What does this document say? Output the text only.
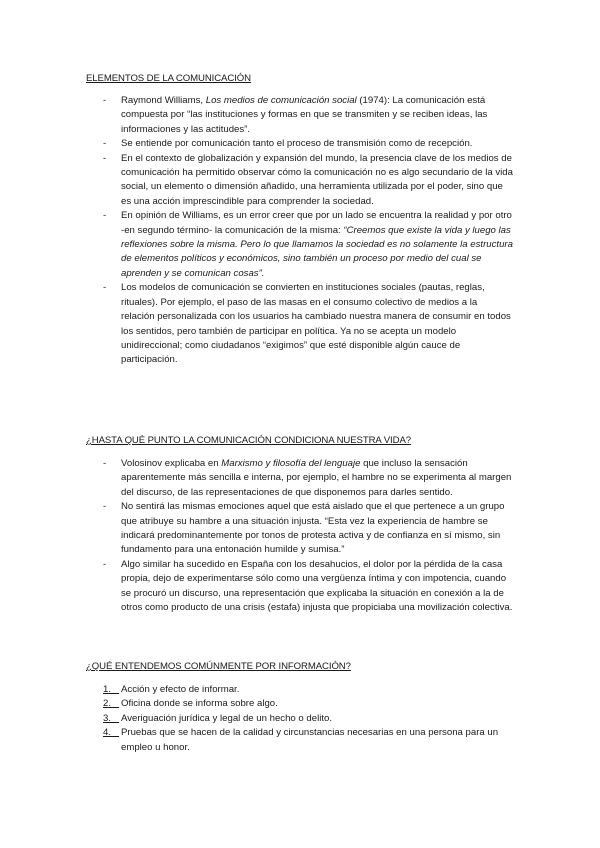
ELEMENTOS DE LA COMUNICACIÓN
- Raymond Williams, Los medios de comunicación social (1974): La comunicación está compuesta por “las instituciones y formas en que se transmiten y se reciben ideas, las informaciones y las actitudes”.
- Se entiende por comunicación tanto el proceso de transmisión como de recepción.
- En el contexto de globalización y expansión del mundo, la presencia clave de los medios de comunicación ha permitido observar cómo la comunicación no es algo secundario de la vida social, un elemento o dimensión añadido, una herramienta utilizada por el poder, sino que es una acción imprescindible para comprender la sociedad.
- En opinión de Williams, es un error creer que por un lado se encuentra la realidad y por otro -en segundo término- la comunicación de la misma: “Creemos que existe la vida y luego las reflexiones sobre la misma. Pero lo que llamamos la sociedad es no solamente la estructura de elementos políticos y económicos, sino también un proceso por medio del cual se aprenden y se comunican cosas”.
- Los modelos de comunicación se convierten en instituciones sociales (pautas, reglas, rituales). Por ejemplo, el paso de las masas en el consumo colectivo de medios a la relación personalizada con los usuarios ha cambiado nuestra manera de consumir en todos los sentidos, pero también de participar en política. Ya no se acepta un modelo unidireccional; como ciudadanos “exigimos” que esté disponible algún cauce de participación.
¿HASTA QUÉ PUNTO LA COMUNICACIÓN CONDICIONA NUESTRA VIDA?
- Volosinov explicaba en Marxismo y filosofía del lenguaje que incluso la sensación aparentemente más sencilla e interna, por ejemplo, el hambre no se experimenta al margen del discurso, de las representaciones de que disponemos para darles sentido.
- No sentirá las mismas emociones aquel que está aislado que el que pertenece a un grupo que atribuye su hambre a una situación injusta. “Esta vez la experiencia de hambre se indicará predominantemente por tonos de protesta activa y de confianza en sí mismo, sin fundamento para una entonación humilde y sumisa.”
- Algo similar ha sucedido en España con los desahucios, el dolor por la pérdida de la casa propia, dejo de experimentarse sólo como una vergüenza íntima y con impotencia, cuando se procuró un discurso, una representación que explicaba la situación en conexión a la de otros como producto de una crisis (estafa) injusta que propiciaba una movilización colectiva.
¿QUÉ ENTENDEMOS COMÚNMENTE POR INFORMACIÓN?
1.	Acción y efecto de informar.
2.	Oficina donde se informa sobre algo.
3.	Averiguación jurídica y legal de un hecho o delito.
4.	Pruebas que se hacen de la calidad y circunstancias necesarias en una persona para un empleo u honor.
